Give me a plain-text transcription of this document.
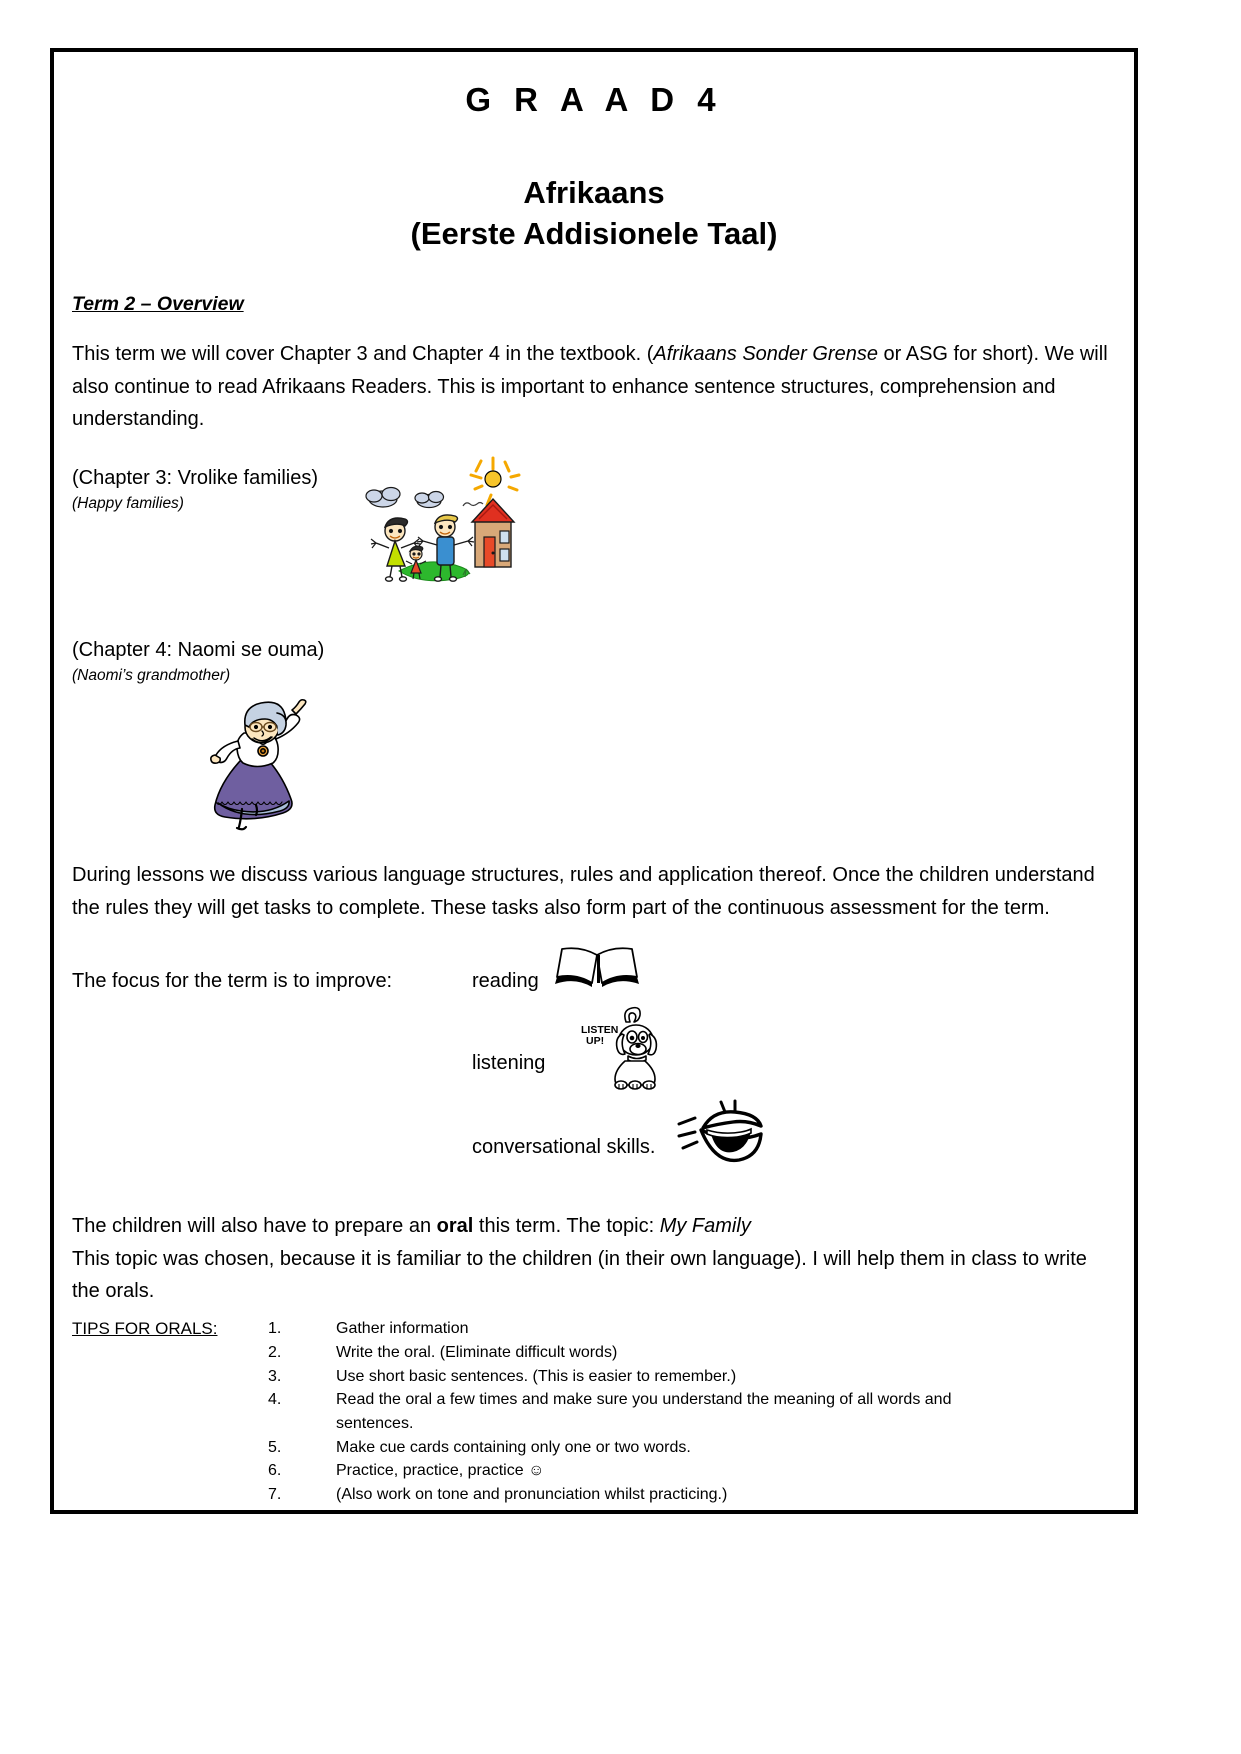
G R A A D 4
Afrikaans
(Eerste Addisionele Taal)
Term 2 – Overview

This term we will cover Chapter 3 and Chapter 4 in the textbook. (Afrikaans Sonder Grense or ASG for short). We will also continue to read Afrikaans Readers. This is important to enhance sentence structures, comprehension and understanding.

(Chapter 3: Vrolike families)

(Happy families)

(Chapter 4: Naomi se ouma)

(Naomi’s grandmother)

During lessons we discuss various language structures, rules and application thereof. Once the children understand the rules they will get tasks to complete. These tasks also form part of the continuous assessment for the term.

The focus for the term is to improve:	reading
listening
conversational skills.
LISTEN
UP!

The children will also have to prepare an oral this term. The topic: My Family
This topic was chosen, because it is familiar to the children (in their own language). I will help them in class to write the orals.

TIPS FOR ORALS:	1.	Gather information
2.	Write the oral. (Eliminate difficult words)
3.	Use short basic sentences. (This is easier to remember.)
4.	Read the oral a few times and make sure you understand the meaning of all words and sentences.
5.	Make cue cards containing only one or two words.
6.	Practice, practice, practice ☺
7.	(Also work on tone and pronunciation whilst practicing.)
